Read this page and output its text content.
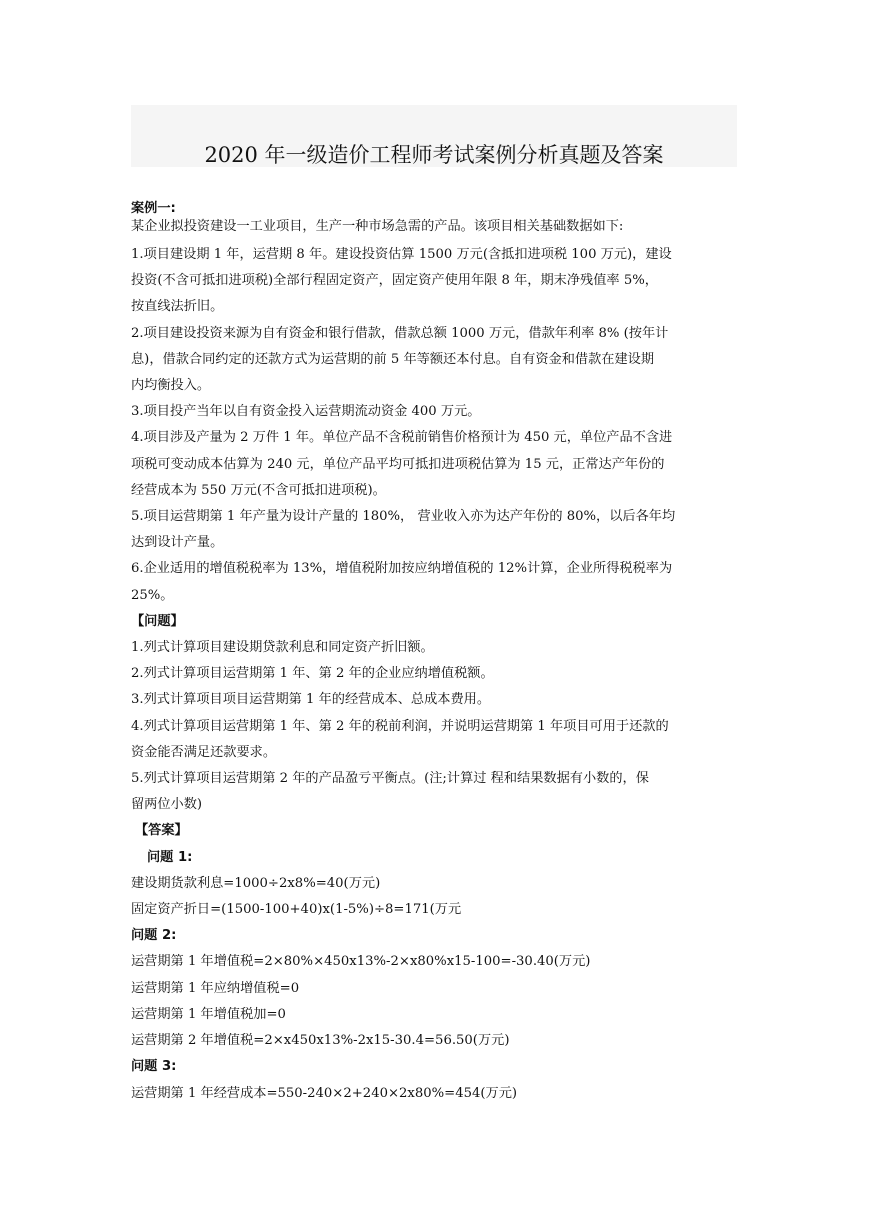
2020 年一级造价工程师考试案例分析真题及答案
案例一:
某企业拟投资建设一工业项目，生产一种市场急需的产品。该项目相关基础数据如下:
1.项目建设期 1 年，运营期 8 年。建设投资估算 1500 万元(含抵扣进项税 100 万元)，建设
投资(不含可抵扣进项税)全部行程固定资产，固定资产使用年限 8 年，期末净残值率 5%，
按直线法折旧。
2.项目建设投资来源为自有资金和银行借款，借款总额 1000 万元，借款年利率 8% (按年计
息)，借款合同约定的还款方式为运营期的前 5 年等额还本付息。自有资金和借款在建设期
内均衡投入。
3.项目投产当年以自有资金投入运营期流动资金 400 万元。
4.项目涉及产量为 2 万件 1 年。单位产品不含税前销售价格预计为 450 元，单位产品不含进
项税可变动成本估算为 240 元，单位产品平均可抵扣进项税估算为 15 元，正常达产年份的
经营成本为 550 万元(不含可抵扣进项税)。
5.项目运营期第 1 年产量为设计产量的 180%， 营业收入亦为达产年份的 80%，以后各年均
达到设计产量。
6.企业适用的增值税税率为 13%，增值税附加按应纳增值税的 12%计算，企业所得税税率为
25%。
【问题】
1.列式计算项目建设期贷款利息和同定资产折旧额。
2.列式计算项目运营期第 1 年、第 2 年的企业应纳增值税额。
3.列式计算项目项目运营期第 1 年的经营成本、总成本费用。
4.列式计算项目运营期第 1 年、第 2 年的税前利润，并说明运营期第 1 年项目可用于还款的
资金能否满足还款要求。
5.列式计算项目运营期第 2 年的产品盈亏平衡点。(注;计算过 程和结果数据有小数的，保
留两位小数)
【答案】
问题 1:
建设期货款利息=1000÷2x8%=40(万元)
固定资产折日=(1500-100+40)x(1-5%)÷8=171(万元
问题 2:
运营期第 1 年增值税=2×80%×450x13%-2×x80%x15-100=-30.40(万元)
运营期第 1 年应纳增值税=0
运营期第 1 年增值税加=0
运营期第 2 年增值税=2×x450x13%-2x15-30.4=56.50(万元)
问题 3:
运营期第 1 年经营成本=550-240×2+240×2x80%=454(万元)
